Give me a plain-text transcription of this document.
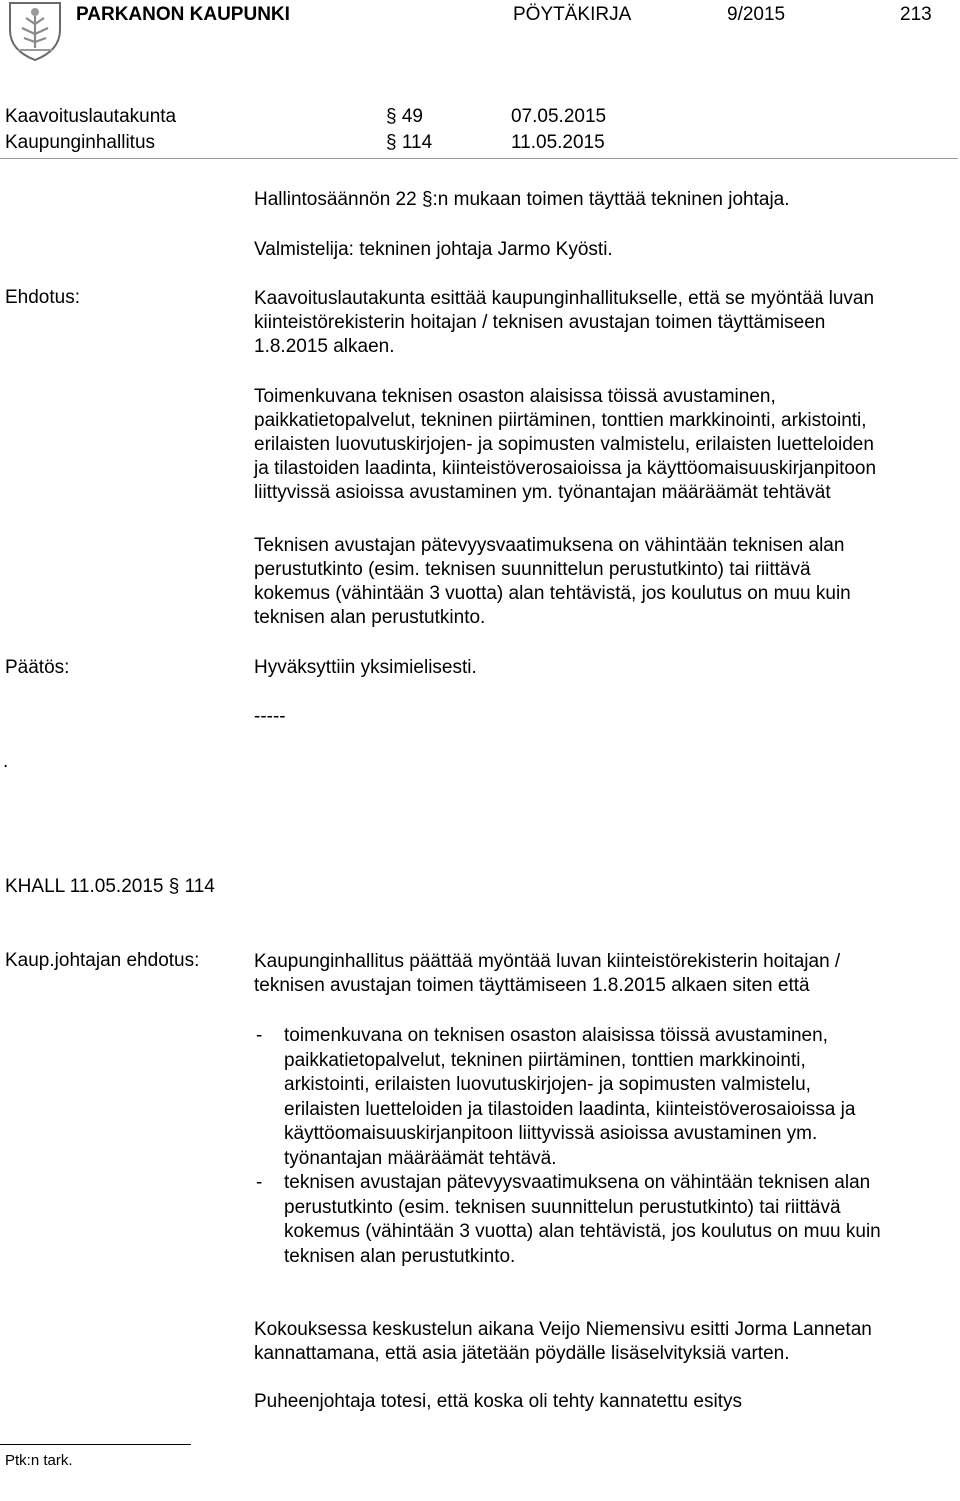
PARKANON KAUPUNKI	PÖYTÄKIRJA	9/2015	213
Kaavoituslautakunta	§ 49	07.05.2015
Kaupunginhallitus	§ 114	11.05.2015
Hallintosäännön 22 §:n mukaan toimen täyttää tekninen johtaja.
Valmistelija: tekninen johtaja Jarmo Kyösti.
Ehdotus:	Kaavoituslautakunta esittää kaupunginhallitukselle, että se myöntää luvan
kiinteistörekisterin hoitajan / teknisen avustajan toimen täyttämiseen
1.8.2015 alkaen.
Toimenkuvana teknisen osaston alaisissa töissä avustaminen,
paikkatietopalvelut, tekninen piirtäminen, tonttien markkinointi, arkistointi,
erilaisten luovutuskirjojen- ja sopimusten valmistelu, erilaisten luetteloiden
ja tilastoiden laadinta, kiinteistöverosaioissa ja käyttöomaisuuskirjanpitoon
liittyvissä asioissa avustaminen ym. työnantajan määräämät tehtävät
Teknisen avustajan pätevyysvaatimuksena on vähintään teknisen alan
perustutkinto (esim. teknisen suunnittelun perustutkinto) tai riittävä
kokemus (vähintään 3 vuotta) alan tehtävistä, jos koulutus on muu kuin
teknisen alan perustutkinto.
Päätös:	Hyväksyttiin yksimielisesti.
-----
.
KHALL 11.05.2015 § 114
Kaup.johtajan ehdotus:	Kaupunginhallitus päättää myöntää luvan kiinteistörekisterin hoitajan /
teknisen avustajan toimen täyttämiseen 1.8.2015 alkaen siten että
- toimenkuvana on teknisen osaston alaisissa töissä avustaminen,
paikkatietopalvelut, tekninen piirtäminen, tonttien markkinointi,
arkistointi, erilaisten luovutuskirjojen- ja sopimusten valmistelu,
erilaisten luetteloiden ja tilastoiden laadinta, kiinteistöverosaioissa ja
käyttöomaisuuskirjanpitoon liittyvissä asioissa avustaminen ym.
työnantajan määräämät tehtävä.
- teknisen avustajan pätevyysvaatimuksena on vähintään teknisen alan
perustutkinto (esim. teknisen suunnittelun perustutkinto) tai riittävä
kokemus (vähintään 3 vuotta) alan tehtävistä, jos koulutus on muu kuin
teknisen alan perustutkinto.
Kokouksessa keskustelun aikana Veijo Niemensivu esitti Jorma Lannetan
kannattamana, että asia jätetään pöydälle lisäselvityksiä varten.
Puheenjohtaja totesi, että koska oli tehty kannatettu esitys
Ptk:n tark.
